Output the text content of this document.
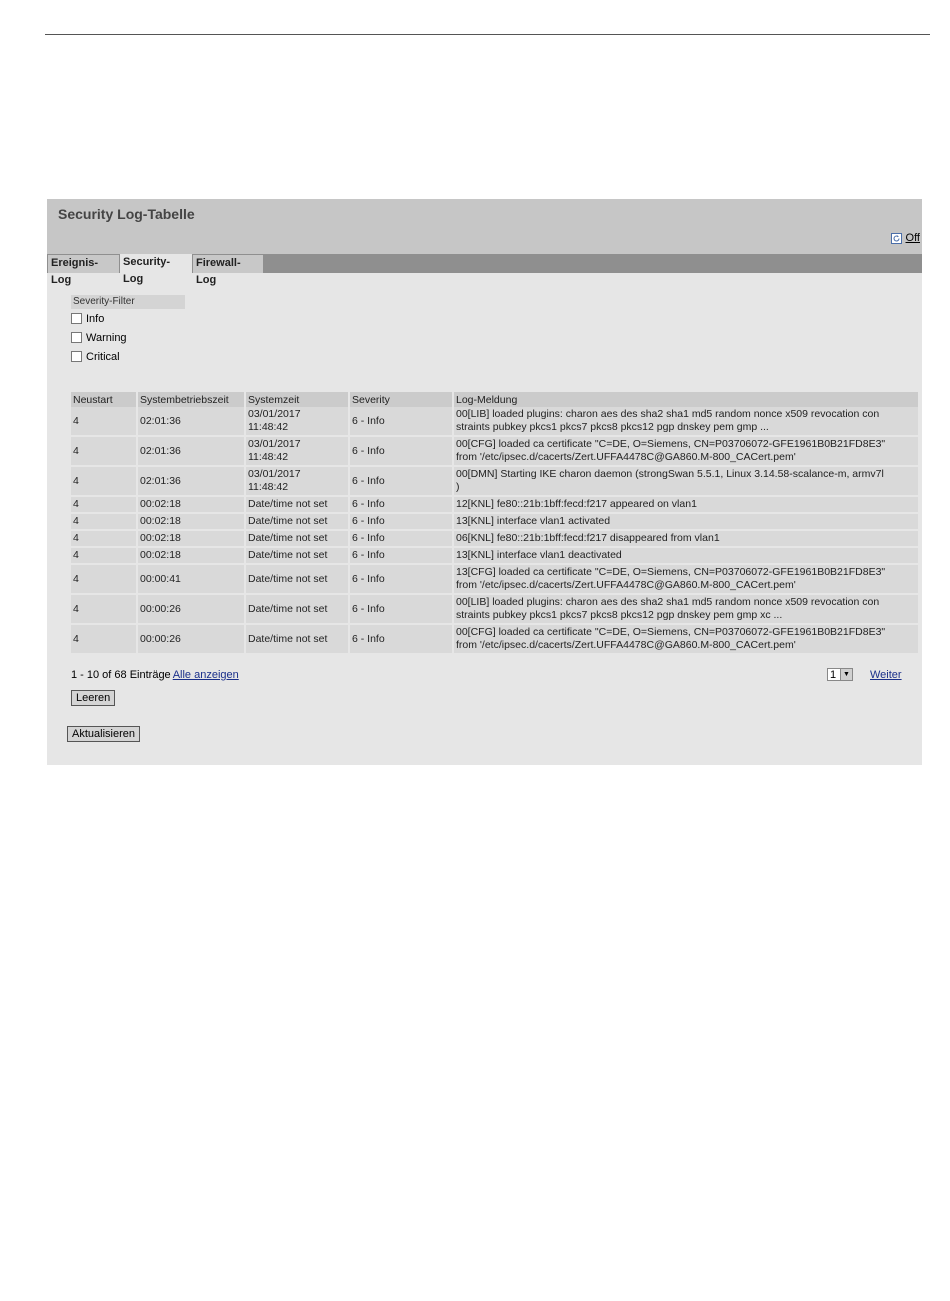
Security Log-Tabelle
Off
Ereignis-Log
Security-Log
Firewall-Log
Severity-Filter
Info
Warning
Critical
Neustart	Systembetriebszeit	Systemzeit	Severity	Log-Meldung
4	02:01:36	03/01/2017
11:48:42	6 - Info	00[LIB] loaded plugins: charon aes des sha2 sha1 md5 random nonce x509 revocation con
straints pubkey pkcs1 pkcs7 pkcs8 pkcs12 pgp dnskey pem gmp ...
4	02:01:36	03/01/2017
11:48:42	6 - Info	00[CFG] loaded ca certificate "C=DE, O=Siemens, CN=P03706072-GFE1961B0B21FD8E3"
from '/etc/ipsec.d/cacerts/Zert.UFFA4478C@GA860.M-800_CACert.pem'
4	02:01:36	03/01/2017
11:48:42	6 - Info	00[DMN] Starting IKE charon daemon (strongSwan 5.5.1, Linux 3.14.58-scalance-m, armv7l
)
4	00:02:18	Date/time not set	6 - Info	12[KNL] fe80::21b:1bff:fecd:f217 appeared on vlan1
4	00:02:18	Date/time not set	6 - Info	13[KNL] interface vlan1 activated
4	00:02:18	Date/time not set	6 - Info	06[KNL] fe80::21b:1bff:fecd:f217 disappeared from vlan1
4	00:02:18	Date/time not set	6 - Info	13[KNL] interface vlan1 deactivated
4	00:00:41	Date/time not set	6 - Info	13[CFG] loaded ca certificate "C=DE, O=Siemens, CN=P03706072-GFE1961B0B21FD8E3"
from '/etc/ipsec.d/cacerts/Zert.UFFA4478C@GA860.M-800_CACert.pem'
4	00:00:26	Date/time not set	6 - Info	00[LIB] loaded plugins: charon aes des sha2 sha1 md5 random nonce x509 revocation con
straints pubkey pkcs1 pkcs7 pkcs8 pkcs12 pgp dnskey pem gmp xc ...
4	00:00:26	Date/time not set	6 - Info	00[CFG] loaded ca certificate "C=DE, O=Siemens, CN=P03706072-GFE1961B0B21FD8E3"
from '/etc/ipsec.d/cacerts/Zert.UFFA4478C@GA860.M-800_CACert.pem'
1 - 10 of 68 Einträge Alle anzeigen	1 ▼ Weiter
Leeren
Aktualisieren
